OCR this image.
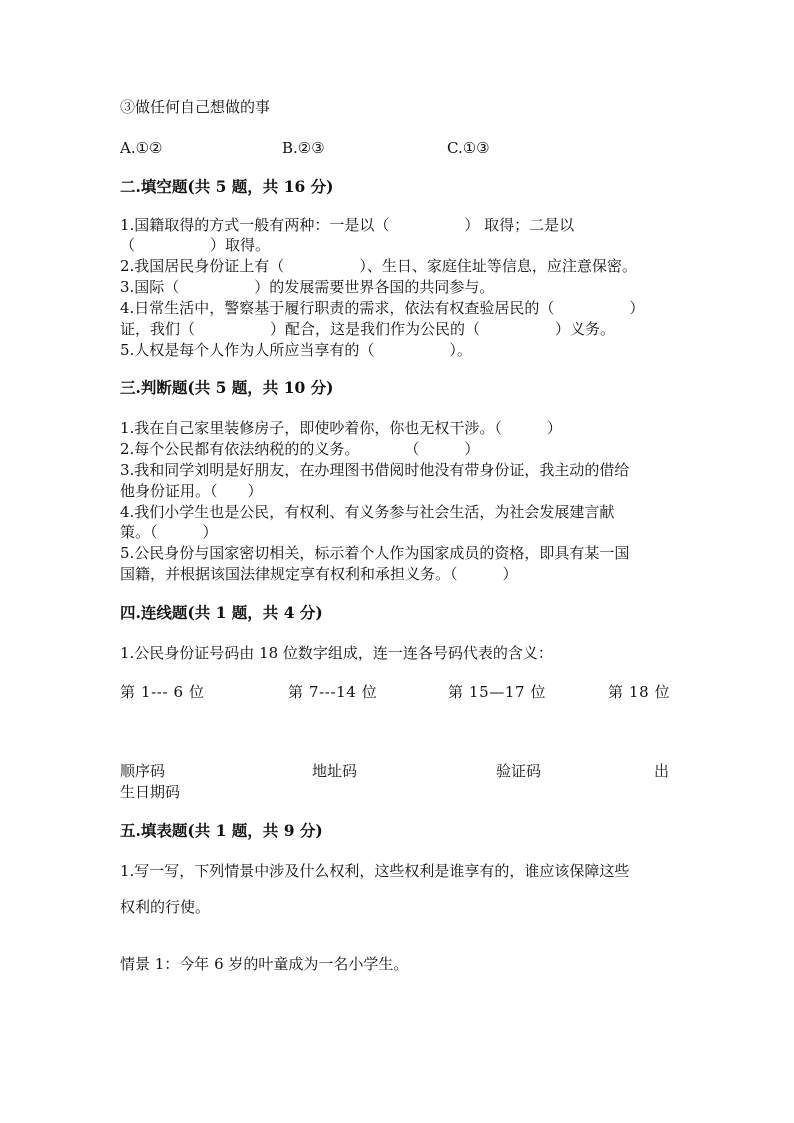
③做任何自己想做的事
A.①②	B.②③	C.①③
二.填空题(共 5 题，共 16 分)
1.国籍取得的方式一般有两种：一是以（　　　　　） 取得；二是以
（　　　　　）取得。
2.我国居民身份证上有（　　　　　）、生日、家庭住址等信息，应注意保密。
3.国际（　　　　　）的发展需要世界各国的共同参与。
4.日常生活中，警察基于履行职责的需求，依法有权查验居民的（　　　　　）
证，我们（　　　　　）配合，这是我们作为公民的（　　　　　）义务。
5.人权是每个人作为人所应当享有的（　　　　　）。
三.判断题(共 5 题，共 10 分)
1.我在自己家里装修房子，即使吵着你，你也无权干涉。（　　　）
2.每个公民都有依法纳税的的义务。　　　　（　　　）
3.我和同学刘明是好朋友，在办理图书借阅时他没有带身份证，我主动的借给
他身份证用。（　　）
4.我们小学生也是公民，有权利、有义务参与社会生活，为社会发展建言献
策。（　　　）
5.公民身份与国家密切相关，标示着个人作为国家成员的资格，即具有某一国
国籍，并根据该国法律规定享有权利和承担义务。（　　　）
四.连线题(共 1 题，共 4 分)
1.公民身份证号码由 18 位数字组成，连一连各号码代表的含义：
第 1--- 6 位	第 7---14 位	第 15—17 位	第 18 位
顺序码	地址码	验证码	出
生日期码
五.填表题(共 1 题，共 9 分)
1.写一写，下列情景中涉及什么权利，这些权利是谁享有的，谁应该保障这些
权利的行使。
情景 1：今年 6 岁的叶童成为一名小学生。
